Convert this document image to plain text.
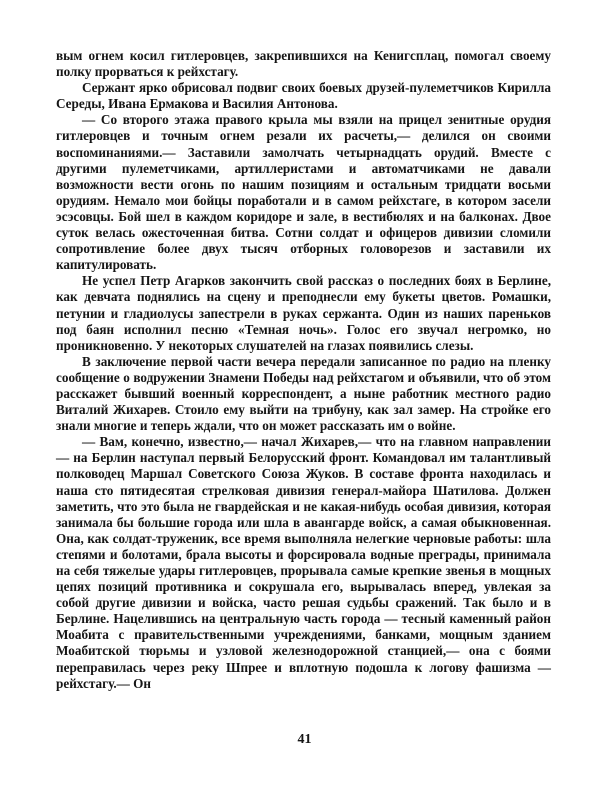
вым огнем косил гитлеровцев, закрепившихся на Кенигсплац, помогал своему полку прорваться к рейхстагу.

Сержант ярко обрисовал подвиг своих боевых друзей-пулеметчиков Кирилла Середы, Ивана Ермакова и Василия Антонова.

— Со второго этажа правого крыла мы взяли на прицел зенитные орудия гитлеровцев и точным огнем резали их расчеты,— делился он своими воспоминаниями.— Заставили замолчать четырнадцать орудий. Вместе с другими пулеметчиками, артиллеристами и автоматчиками не давали возможности вести огонь по нашим позициям и остальным тридцати восьми орудиям. Немало мои бойцы поработали и в самом рейхстаге, в котором засели эсэсовцы. Бой шел в каждом коридоре и зале, в вестибюлях и на балконах. Двое суток велась ожесточенная битва. Сотни солдат и офицеров дивизии сломили сопротивление более двух тысяч отборных головорезов и заставили их капитулировать.

Не успел Петр Агарков закончить свой рассказ о последних боях в Берлине, как девчата поднялись на сцену и преподнесли ему букеты цветов. Ромашки, петунии и гладиолусы запестрели в руках сержанта. Один из наших пареньков под баян исполнил песню «Темная ночь». Голос его звучал негромко, но проникновенно. У некоторых слушателей на глазах появились слезы.

В заключение первой части вечера передали записанное по радио на пленку сообщение о водружении Знамени Победы над рейхстагом и объявили, что об этом расскажет бывший военный корреспондент, а ныне работник местного радио Виталий Жихарев. Стоило ему выйти на трибуну, как зал замер. На стройке его знали многие и теперь ждали, что он может рассказать им о войне.

— Вам, конечно, известно,— начал Жихарев,— что на главном направлении — на Берлин наступал первый Белорусский фронт. Командовал им талантливый полководец Маршал Советского Союза Жуков. В составе фронта находилась и наша сто пятидесятая стрелковая дивизия генерал-майора Шатилова. Должен заметить, что это была не гвардейская и не какая-нибудь особая дивизия, которая занимала бы большие города или шла в авангарде войск, а самая обыкновенная. Она, как солдат-труженик, все время выполняла нелегкие черновые работы: шла степями и болотами, брала высоты и форсировала водные преграды, принимала на себя тяжелые удары гитлеровцев, прорывала самые крепкие звенья в мощных цепях позиций противника и сокрушала его, вырывалась вперед, увлекая за собой другие дивизии и войска, часто решая судьбы сражений. Так было и в Берлине. Нацелившись на центральную часть города — тесный каменный район Моабита с правительственными учреждениями, банками, мощным зданием Моабитской тюрьмы и узловой железнодорожной станцией,— она с боями переправилась через реку Шпрее и вплотную подошла к логову фашизма — рейхстагу.— Он

41
